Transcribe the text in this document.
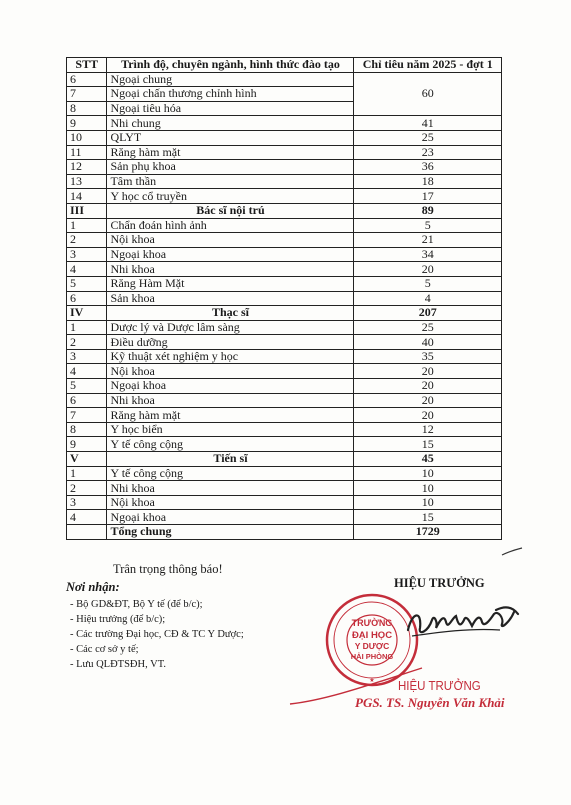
STT	Trình độ, chuyên ngành, hình thức đào tạo	Chỉ tiêu năm 2025 - đợt 1
6	Ngoại chung	60
7	Ngoại chấn thương chỉnh hình	
8	Ngoại tiêu hóa	
9	Nhi chung	41
10	QLYT	25
11	Răng hàm mặt	23
12	Sản phụ khoa	36
13	Tâm thần	18
14	Y học cổ truyền	17
III	Bác sĩ nội trú	89
1	Chẩn đoán hình ảnh	5
2	Nội khoa	21
3	Ngoại khoa	34
4	Nhi khoa	20
5	Răng Hàm Mặt	5
6	Sản khoa	4
IV	Thạc sĩ	207
1	Dược lý và Dược lâm sàng	25
2	Điều dưỡng	40
3	Kỹ thuật xét nghiệm y học	35
4	Nội khoa	20
5	Ngoại khoa	20
6	Nhi khoa	20
7	Răng hàm mặt	20
8	Y học biển	12
9	Y tế công cộng	15
V	Tiến sĩ	45
1	Y tế công cộng	10
2	Nhi khoa	10
3	Nội khoa	10
4	Ngoại khoa	15
	Tổng chung	1729
Trân trọng thông báo!
Nơi nhận:
- Bộ GD&ĐT, Bộ Y tế (để b/c);
- Hiệu trưởng (để b/c);
- Các trường Đại học, CĐ & TC Y Dược;
- Các cơ sở y tế;
- Lưu QLĐTSĐH, VT.
HIỆU TRƯỞNG
TRƯỜNG
ĐẠI HỌC
Y DƯỢC
HẢI PHÒNG
★ HIỆU TRƯỞNG
PGS. TS. Nguyễn Văn Khải
